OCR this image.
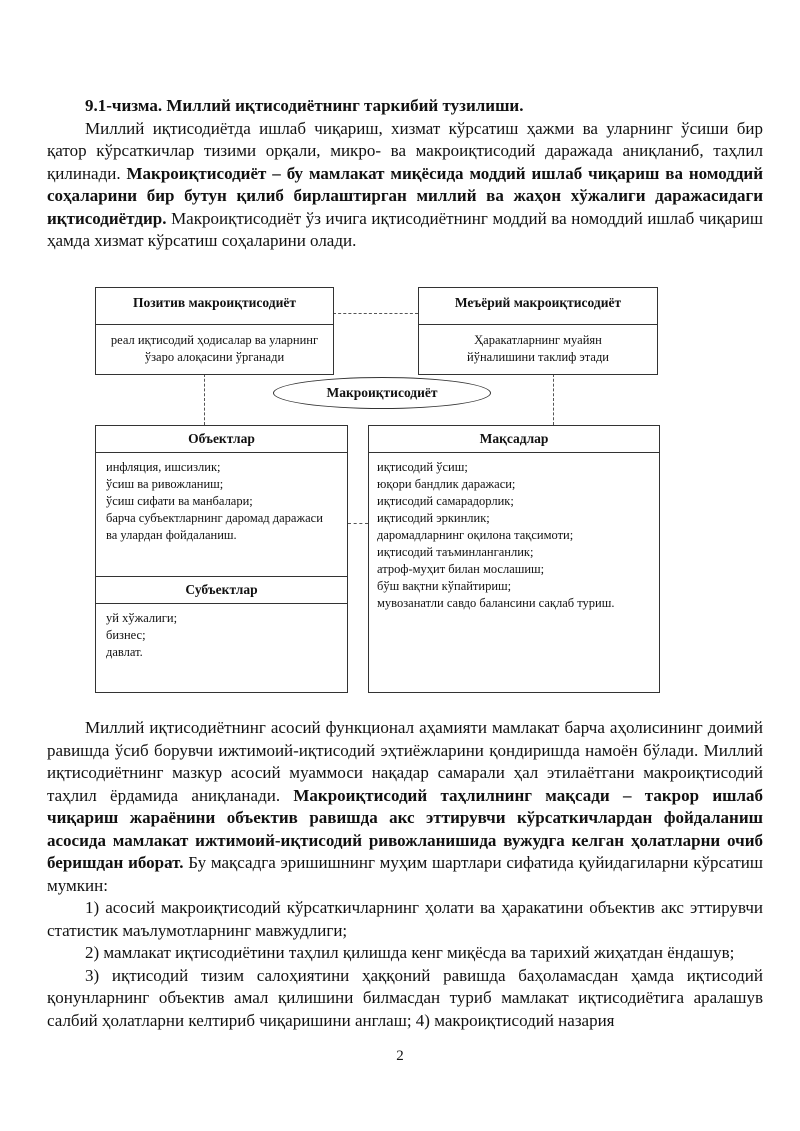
9.1-чизма. Миллий иқтисодиётнинг таркибий тузилиши.

Миллий иқтисодиётда ишлаб чиқариш, хизмат кўрсатиш ҳажми ва уларнинг ўсиши бир қатор кўрсаткичлар тизими орқали, микро- ва макроиқтисодий даражада аниқланиб, таҳлил қилинади. Макроиқтисодиёт – бу мамлакат миқёсида моддий ишлаб чиқариш ва номоддий соҳаларини бир бутун қилиб бирлаштирган миллий ва жаҳон хўжалиги даражасидаги иқтисодиётдир. Макроиқтисодиёт ўз ичига иқтисодиётнинг моддий ва номоддий ишлаб чиқариш ҳамда хизмат кўрсатиш соҳаларини олади.

Позитив макроиқтисодиёт
реал иқтисодий ҳодисалар ва уларнинг ўзаро алоқасини ўрганади
Меъёрий макроиқтисодиёт
Ҳаракатларнинг муайян йўналишини таклиф этади
Макроиқтисодиёт
Объектлар
инфляция, ишсизлик;
ўсиш ва ривожланиш;
ўсиш сифати ва манбалари;
барча субъектларнинг даромад даражаси ва улардан фойдаланиш.
Субъектлар
уй хўжалиги;
бизнес;
давлат.
Мақсадлар
иқтисодий ўсиш;
юқори бандлик даражаси;
иқтисодий самарадорлик;
иқтисодий эркинлик;
даромадларнинг оқилона тақсимоти;
иқтисодий таъминланганлик;
атроф-муҳит билан мослашиш;
бўш вақтни кўпайтириш;
мувозанатли савдо балансини сақлаб туриш.

Миллий иқтисодиётнинг асосий функционал аҳамияти мамлакат барча аҳолисининг доимий равишда ўсиб борувчи ижтимоий-иқтисодий эҳтиёжларини қондиришда намоён бўлади. Миллий иқтисодиётнинг мазкур асосий муаммоси нақадар самарали ҳал этилаётгани макроиқтисодий таҳлил ёрдамида аниқланади. Макроиқтисодий таҳлилнинг мақсади – такрор ишлаб чиқариш жараёнини объектив равишда акс эттирувчи кўрсаткичлардан фойдаланиш асосида мамлакат ижтимоий-иқтисодий ривожланишида вужудга келган ҳолатларни очиб беришдан иборат. Бу мақсадга эришишнинг муҳим шартлари сифатида қуйидагиларни кўрсатиш мумкин:

1) асосий макроиқтисодий кўрсаткичларнинг ҳолати ва ҳаракатини объектив акс эттирувчи статистик маълумотларнинг мавжудлиги;

2) мамлакат иқтисодиётини таҳлил қилишда кенг миқёсда ва тарихий жиҳатдан ёндашув;

3) иқтисодий тизим салоҳиятини ҳаққоний равишда баҳоламасдан ҳамда иқтисодий қонунларнинг объектив амал қилишини билмасдан туриб мамлакат иқтисодиётига аралашув салбий ҳолатларни келтириб чиқаришини англаш; 4) макроиқтисодий назария

2
